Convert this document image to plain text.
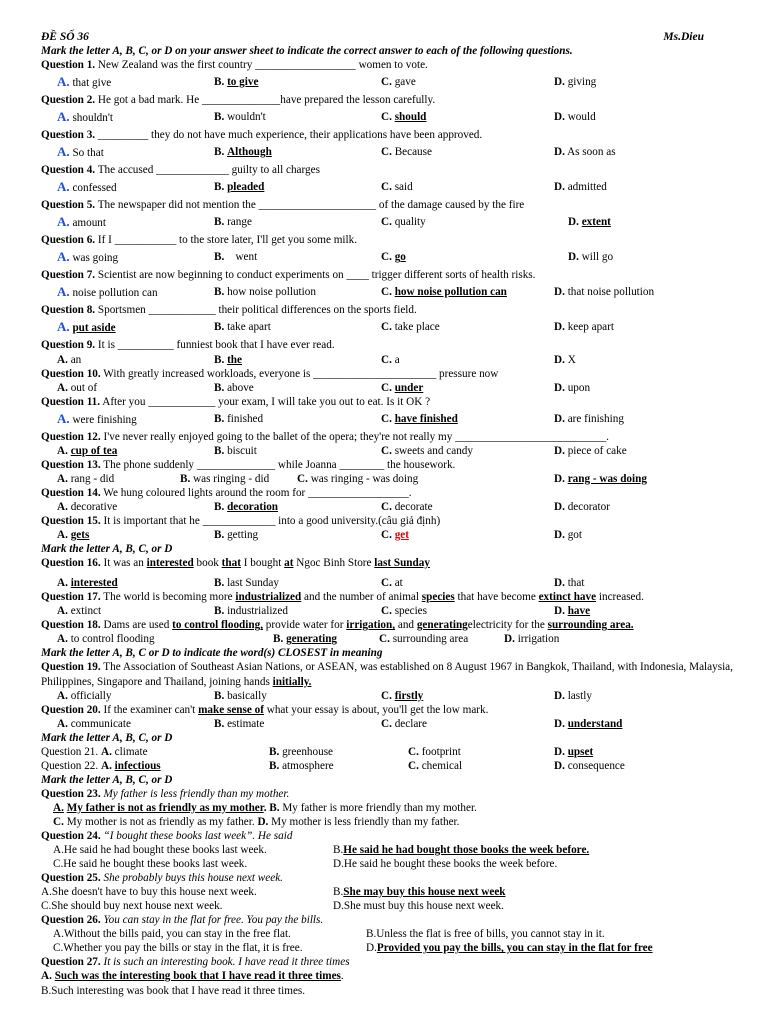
ĐỀ SỐ 36	Ms.Dieu
Mark the letter A, B, C, or D on your answer sheet to indicate the correct answer to each of the following questions.
Question 1. New Zealand was the first country __________________ women to vote.
A. that give	B. to give	C. gave	D. giving
Question 2. He got a bad mark. He ______________have prepared the lesson carefully.
A. shouldn't	B. wouldn't	C. should	D. would
Question 3. _________ they do not have much experience, their applications have been approved.
A. So that	B. Although	C. Because	D. As soon as
Question 4. The accused _____________ guilty to all charges
A. confessed	B. pleaded	C. said	D. admitted
Question 5. The newspaper did not mention the _____________________ of the damage caused by the fire
A. amount	B. range	C. quality	D. extent
Question 6. If I ___________ to the store later, I'll get you some milk.
A. was going	B. went	C. go	D. will go
Question 7. Scientist are now beginning to conduct experiments on ____ trigger different sorts of health risks.
A. noise pollution can	B. how noise pollution	C. how noise pollution can	D. that noise pollution
Question 8. Sportsmen ____________ their political differences on the sports field.
A. put aside	B. take apart	C. take place	D. keep apart
Question 9. It is __________ funniest book that I have ever read.
A. an	B. the	C. a	D. X
Question 10. With greatly increased workloads, everyone is ______________________ pressure now
A. out of	B. above	C. under	D. upon
Question 11. After you ____________ your exam, I will take you out to eat. Is it OK ?
A. were finishing	B. finished	C. have finished	D. are finishing
Question 12. I've never really enjoyed going to the ballet of the opera; they're not really my ___________________________.
A. cup of tea	B. biscuit	C. sweets and candy	D. piece of cake
Question 13. The phone suddenly ______________ while Joanna ________ the housework.
A. rang - did	B. was ringing - did	C. was ringing - was doing	D. rang - was doing
Question 14. We hung coloured lights around the room for __________________.
A. decorative	B. decoration	C. decorate	D. decorator
Question 15. It is important that he _____________ into a good university.(câu giả định)
A. gets	B. getting	C. get	D. got
Mark the letter A, B, C, or D
Question 16. It was an interested book that I bought at Ngoc Binh Store last Sunday
A. interested	B. last Sunday	C. at	D. that
Question 17. The world is becoming more industrialized and the number of animal species that have become extinct have increased.
A. extinct	B. industrialized	C. species	D. have
Question 18. Dams are used to control flooding, provide water for irrigation, and generatingelectricity for the surrounding area.
A. to control flooding	B. generating	C. surrounding area	D. irrigation
Mark the letter A, B, C or D to indicate the word(s) CLOSEST in meaning
Question 19. The Association of Southeast Asian Nations, or ASEAN, was established on 8 August 1967 in Bangkok, Thailand, with Indonesia, Malaysia, Philippines, Singapore and Thailand, joining hands initially.
A. officially	B. basically	C. firstly	D. lastly
Question 20. If the examiner can't make sense of what your essay is about, you'll get the low mark.
A. communicate	B. estimate	C. declare	D. understand
Mark the letter A, B, C, or D
Question 21. A. climate	B. greenhouse	C. footprint	D. upset
Question 22. A. infectious	B. atmosphere	C. chemical	D. consequence
Mark the letter A, B, C, or D
Question 23. My father is less friendly than my mother.
A. My father is not as friendly as my mother. B. My father is more friendly than my mother.
C. My mother is not as friendly as my father. D. My mother is less friendly than my father.
Question 24. “I bought these books last week”. He said
A.He said he had bought these books last week.	B.He said he had bought those books the week before.
C.He said he bought these books last week.	D.He said he bought these books the week before.
Question 25. She probably buys this house next week.
A.She doesn't have to buy this house next week.	B.She may buy this house next week
C.She should buy next house next week.	D.She must buy this house next week.
Question 26. You can stay in the flat for free. You pay the bills.
A.Without the bills paid, you can stay in the free flat.	B.Unless the flat is free of bills, you cannot stay in it.
C.Whether you pay the bills or stay in the flat, it is free.	D.Provided you pay the bills, you can stay in the flat for free
Question 27. It is such an interesting book. I have read it three times
A. Such was the interesting book that I have read it three times.
B.Such interesting was book that I have read it three times.
